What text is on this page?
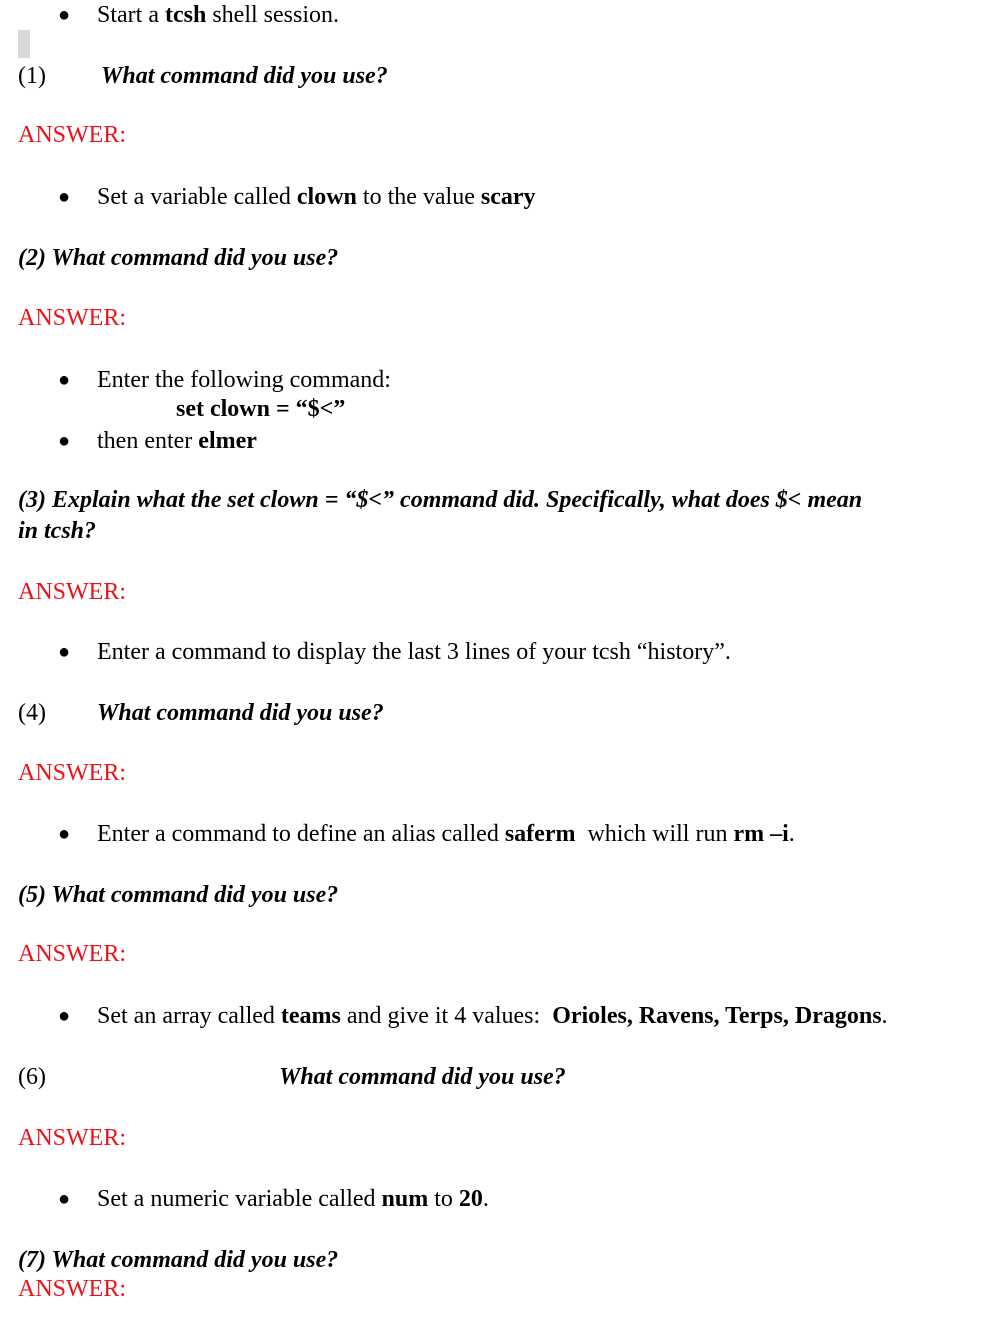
● Start a tcsh shell session.
(1) What command did you use?
ANSWER:
● Set a variable called clown to the value scary
(2) What command did you use?
ANSWER:
● Enter the following command:
set clown = “$<”
● then enter elmer
(3) Explain what the set clown = “$<” command did. Specifically, what does $< mean
in tcsh?
ANSWER:
● Enter a command to display the last 3 lines of your tcsh “history”.
(4) What command did you use?
ANSWER:
● Enter a command to define an alias called saferm  which will run rm –i.
(5) What command did you use?
ANSWER:
● Set an array called teams and give it 4 values:  Orioles, Ravens, Terps, Dragons.
(6)	What command did you use?
ANSWER:
● Set a numeric variable called num to 20.
(7) What command did you use?
ANSWER:
